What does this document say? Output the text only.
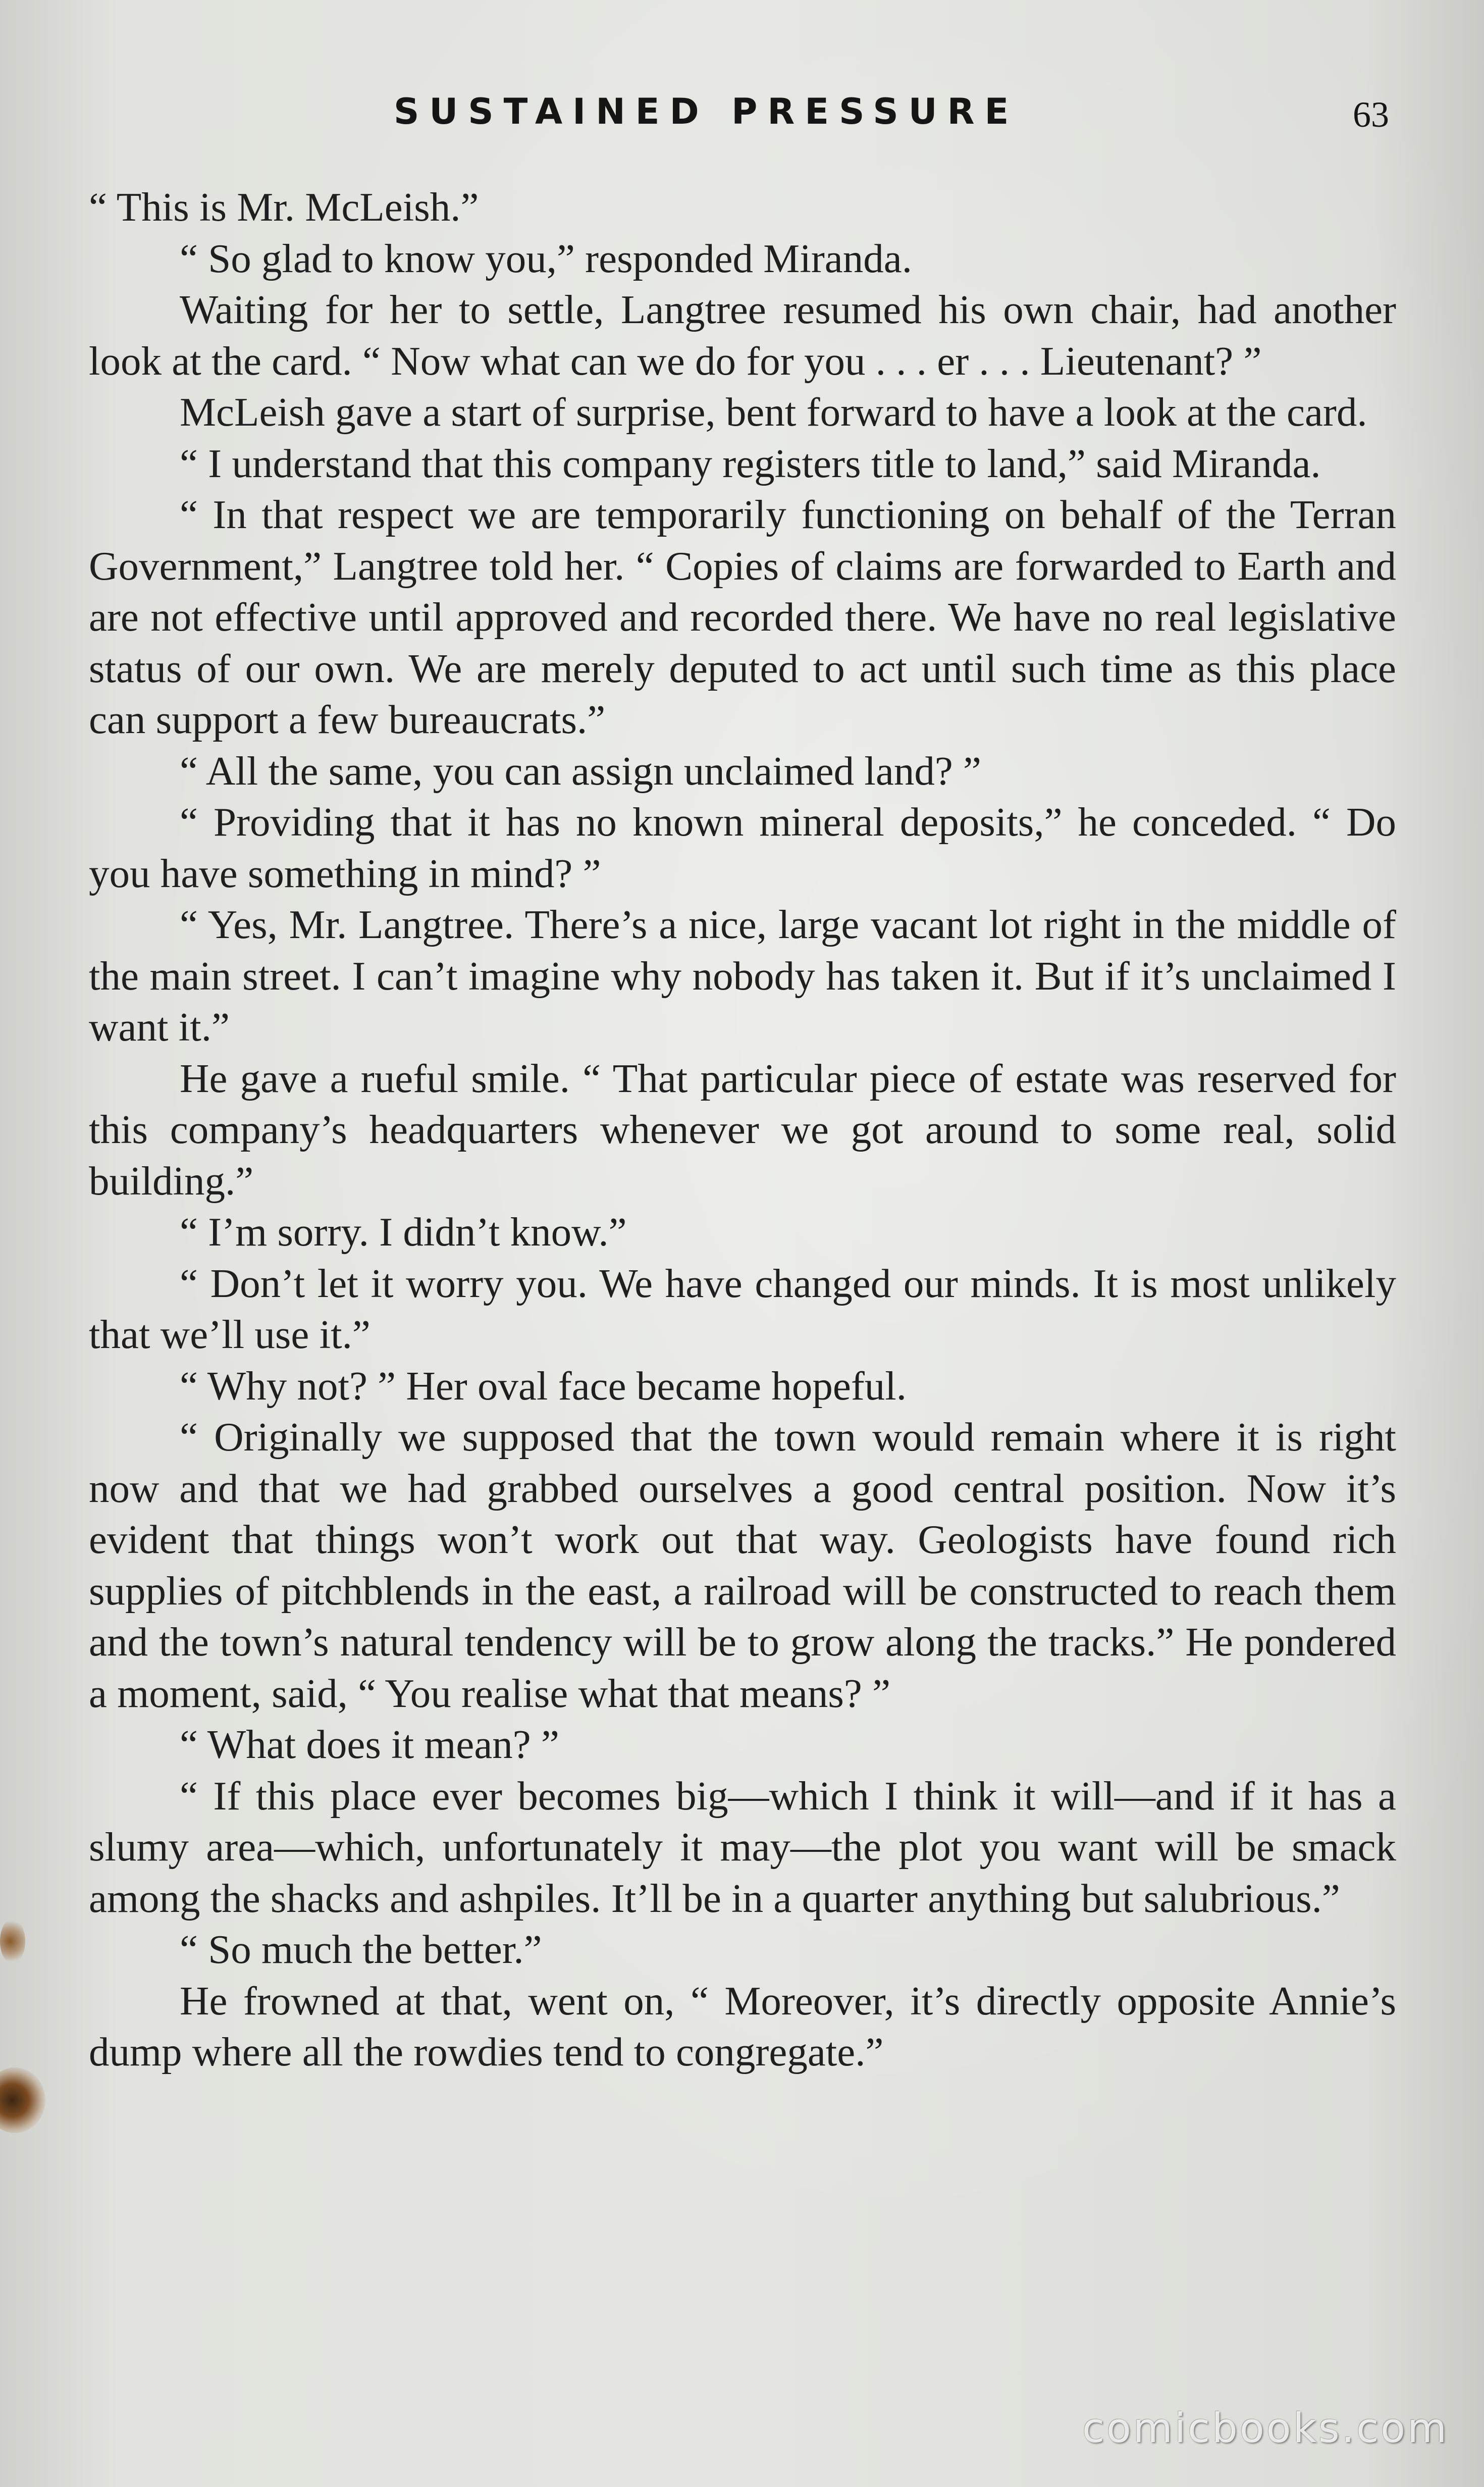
SUSTAINED PRESSURE	63

“ This is Mr. McLeish.”

“ So glad to know you,” responded Miranda.

Waiting for her to settle, Langtree resumed his own chair, had another look at the card. “ Now what can we do for you . . . er . . . Lieutenant? ”

McLeish gave a start of surprise, bent forward to have a look at the card.

“ I understand that this company registers title to land,” said Miranda.

“ In that respect we are temporarily functioning on behalf of the Terran Government,” Langtree told her. “ Copies of claims are forwarded to Earth and are not effective until approved and recorded there. We have no real legislative status of our own. We are merely deputed to act until such time as this place can support a few bureaucrats.”

“ All the same, you can assign unclaimed land? ”

“ Providing that it has no known mineral deposits,” he conceded. “ Do you have something in mind? ”

“ Yes, Mr. Langtree. There’s a nice, large vacant lot right in the middle of the main street. I can’t imagine why nobody has taken it. But if it’s unclaimed I want it.”

He gave a rueful smile. “ That particular piece of estate was reserved for this company’s headquarters whenever we got around to some real, solid building.”

“ I’m sorry. I didn’t know.”

“ Don’t let it worry you. We have changed our minds. It is most unlikely that we’ll use it.”

“ Why not? ” Her oval face became hopeful.

“ Originally we supposed that the town would remain where it is right now and that we had grabbed ourselves a good central position. Now it’s evident that things won’t work out that way. Geologists have found rich supplies of pitchblends in the east, a railroad will be constructed to reach them and the town’s natural tendency will be to grow along the tracks.” He pondered a moment, said, “ You realise what that means? ”

“ What does it mean? ”

“ If this place ever becomes big—which I think it will—and if it has a slumy area—which, unfortunately it may—the plot you want will be smack among the shacks and ashpiles. It’ll be in a quarter anything but salubrious.”

“ So much the better.”

He frowned at that, went on, “ Moreover, it’s directly opposite Annie’s dump where all the rowdies tend to congregate.”

comicbooks.com
